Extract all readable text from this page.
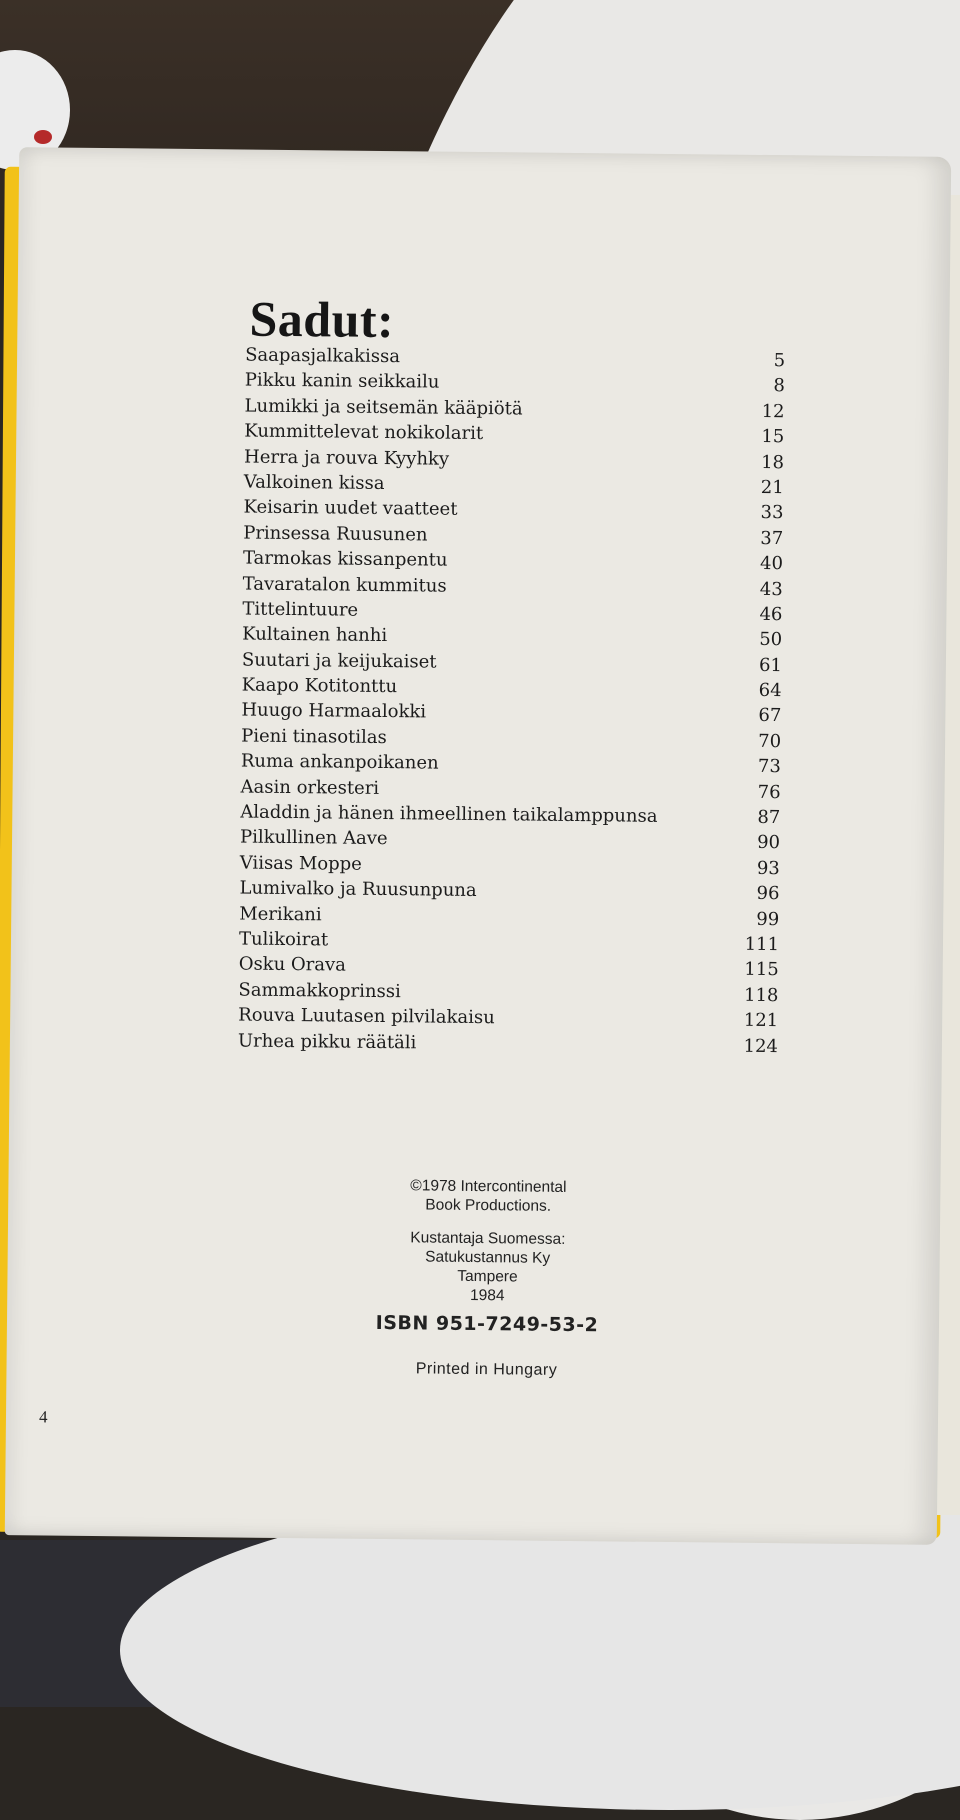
Sadut:
Saapasjalkakissa	5
Pikku kanin seikkailu	8
Lumikki ja seitsemän kääpiötä	12
Kummittelevat nokikolarit	15
Herra ja rouva Kyyhky	18
Valkoinen kissa	21
Keisarin uudet vaatteet	33
Prinsessa Ruusunen	37
Tarmokas kissanpentu	40
Tavaratalon kummitus	43
Tittelintuure	46
Kultainen hanhi	50
Suutari ja keijukaiset	61
Kaapo Kotitonttu	64
Huugo Harmaalokki	67
Pieni tinasotilas	70
Ruma ankanpoikanen	73
Aasin orkesteri	76
Aladdin ja hänen ihmeellinen taikalamppunsa	87
Pilkullinen Aave	90
Viisas Moppe	93
Lumivalko ja Ruusunpuna	96
Merikani	99
Tulikoirat	111
Osku Orava	115
Sammakkoprinssi	118
Rouva Luutasen pilvilakaisu	121
Urhea pikku räätäli	124

©1978 Intercontinental

Book Productions.

Kustantaja Suomessa:

Satukustannus Ky

Tampere

1984

ISBN 951-7249-53-2

Printed in Hungary

4
